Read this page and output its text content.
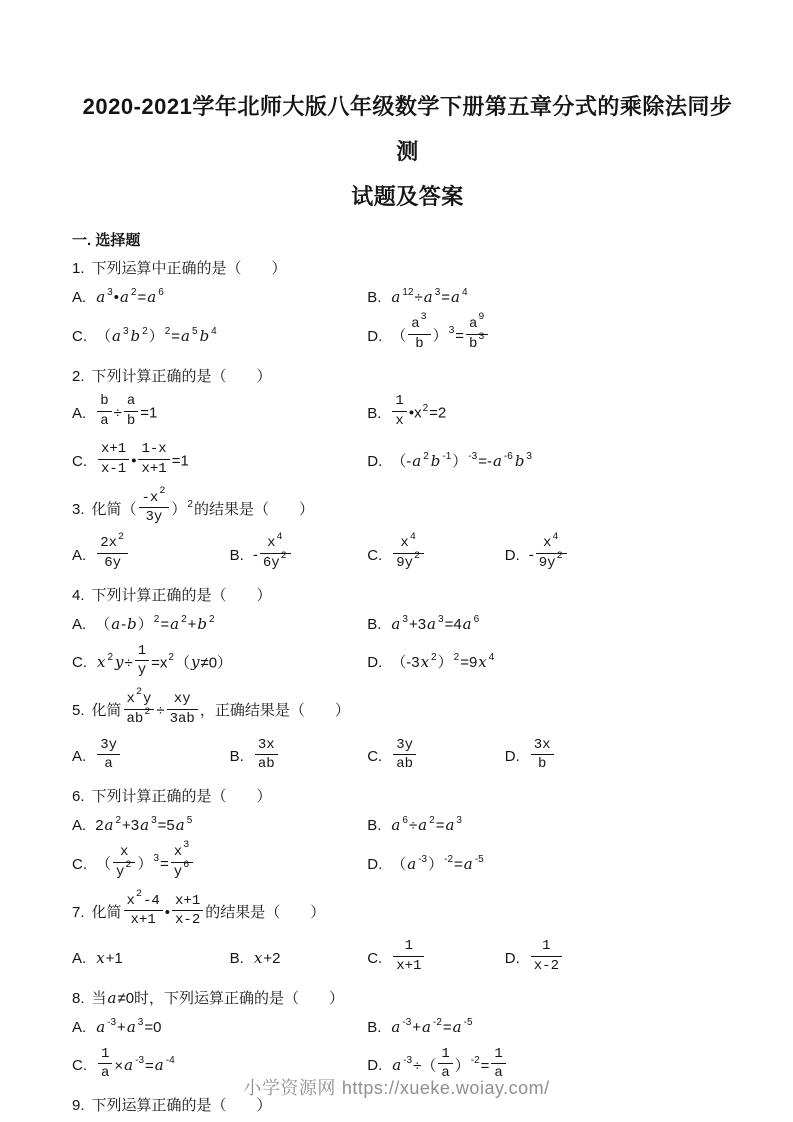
2020-2021学年北师大版八年级数学下册第五章分式的乘除法同步测
试题及答案
一. 选择题
1. 下列运算中正确的是（　　）
A. a $^3$•a $^2$=a $^6$	B. a $^{12}$÷a $^3$=a $^4$
C. （a $^3$ b $^2$）$^2$=a $^5$ b $^4$	D. （ $\frac{a^3}{b} )^3= \frac{a^9}{b^3}$
2. 下列计算正确的是（　　）
A. $\frac{b}{a} \div \frac{a}{b} =1$	B. $\frac{1}{x}$ $•x^2=2$
C. $\frac{x+1}{x-1}$ • $\frac{1-x}{x+1} =1$	D. （-a $^2$ b $^{-1}$）$^{-3}$=-a $^{-6}$ b $^3$
3. 化简（ $\frac{-x^2}{3y} )^2$的结果是（　　）
A. $\frac{2x^2}{6y}$	B. - $\frac{x^4}{6y^2}$	C. $\frac{x^4}{9y^2}$	D. - $\frac{x^4}{9y^2}$
4. 下列计算正确的是（　　）
A. $(a-b)^2=a$ $^2$+b $^2$	B. a $^3$+3a $^3$=4a $^6$
C. x $^2$ $y\div \frac{1}{y} =x^2(y\ne 0)$	D. （-3x $^2$）$^2$=9x $^4$
5. 化简 $\frac{x^2y}{ab^2} \div \frac{xy}{3ab}$ ，正确结果是（　　）
A. $\frac{3y}{a}$	B. $\frac{3x}{ab}$	C. $\frac{3y}{ab}$	D. $\frac{3x}{b}$
6. 下列计算正确的是（　　）
A. 2a $^2$+3a $^3$=5a $^5$	B. a $^6$÷a $^2$=a $^3$
C. （ $\frac{x}{y^2} )^3= \frac{x^3}{y^6}$	D. （a $^{-3}$）$^{-2}$=a $^{-5}$
7. 化简 $\frac{x^2-4}{x+1}$ • $\frac{x+1}{x-2}$ 的结果是（　　）
A. x+1	B. x+2	C. $\frac{1}{x+1}$	D. $\frac{1}{x-2}$
8. 当a≠0时，下列运算正确的是（　　）
A. a $^{-3}$+a $^3$=0	B. a $^{-3}$+a $^{-2}$=a $^{-5}$
C. $\frac{1}{a} \times a$ $^{-3}$=a $^{-4}$	D. a $^{-3}\div( \frac{1}{a} )^{-2}= \frac{1}{a}$
9. 下列运算正确的是（　　）
小学资源网 https://xueke.woiay.com/
